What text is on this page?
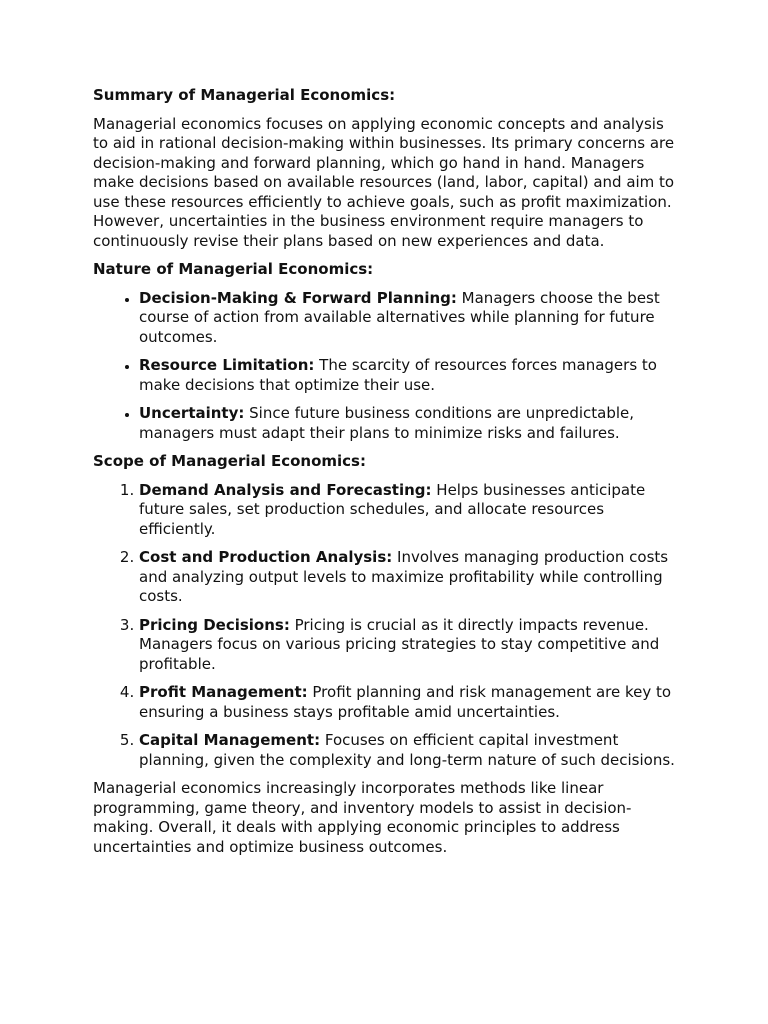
Summary of Managerial Economics:

Managerial economics focuses on applying economic concepts and analysis to aid in rational decision-making within businesses. Its primary concerns are decision-making and forward planning, which go hand in hand. Managers make decisions based on available resources (land, labor, capital) and aim to use these resources efficiently to achieve goals, such as profit maximization. However, uncertainties in the business environment require managers to continuously revise their plans based on new experiences and data.

Nature of Managerial Economics:
• Decision-Making & Forward Planning: Managers choose the best course of action from available alternatives while planning for future outcomes.
• Resource Limitation: The scarcity of resources forces managers to make decisions that optimize their use.
• Uncertainty: Since future business conditions are unpredictable, managers must adapt their plans to minimize risks and failures.
Scope of Managerial Economics:
1. Demand Analysis and Forecasting: Helps businesses anticipate future sales, set production schedules, and allocate resources efficiently.
2. Cost and Production Analysis: Involves managing production costs and analyzing output levels to maximize profitability while controlling costs.
3. Pricing Decisions: Pricing is crucial as it directly impacts revenue. Managers focus on various pricing strategies to stay competitive and profitable.
4. Profit Management: Profit planning and risk management are key to ensuring a business stays profitable amid uncertainties.
5. Capital Management: Focuses on efficient capital investment planning, given the complexity and long-term nature of such decisions.

Managerial economics increasingly incorporates methods like linear programming, game theory, and inventory models to assist in decision-making. Overall, it deals with applying economic principles to address uncertainties and optimize business outcomes.
